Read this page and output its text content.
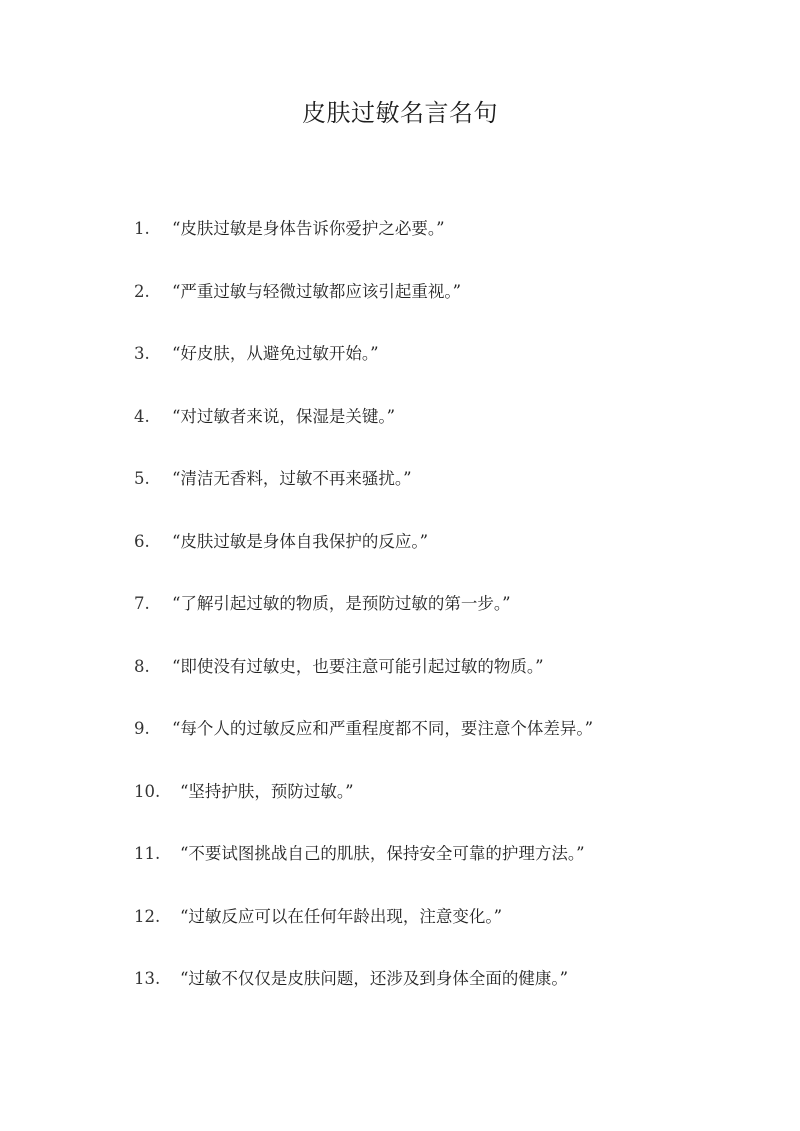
皮肤过敏名言名句
1.	“皮肤过敏是身体告诉你爱护之必要。”
2.	“严重过敏与轻微过敏都应该引起重视。”
3.	“好皮肤，从避免过敏开始。”
4.	“对过敏者来说，保湿是关键。”
5.	“清洁无香料，过敏不再来骚扰。”
6.	“皮肤过敏是身体自我保护的反应。”
7.	“了解引起过敏的物质，是预防过敏的第一步。”
8.	“即使没有过敏史，也要注意可能引起过敏的物质。”
9.	“每个人的过敏反应和严重程度都不同，要注意个体差异。”
10.	“坚持护肤，预防过敏。”
11.	“不要试图挑战自己的肌肤，保持安全可靠的护理方法。”
12.	“过敏反应可以在任何年龄出现，注意变化。”
13.	“过敏不仅仅是皮肤问题，还涉及到身体全面的健康。”
